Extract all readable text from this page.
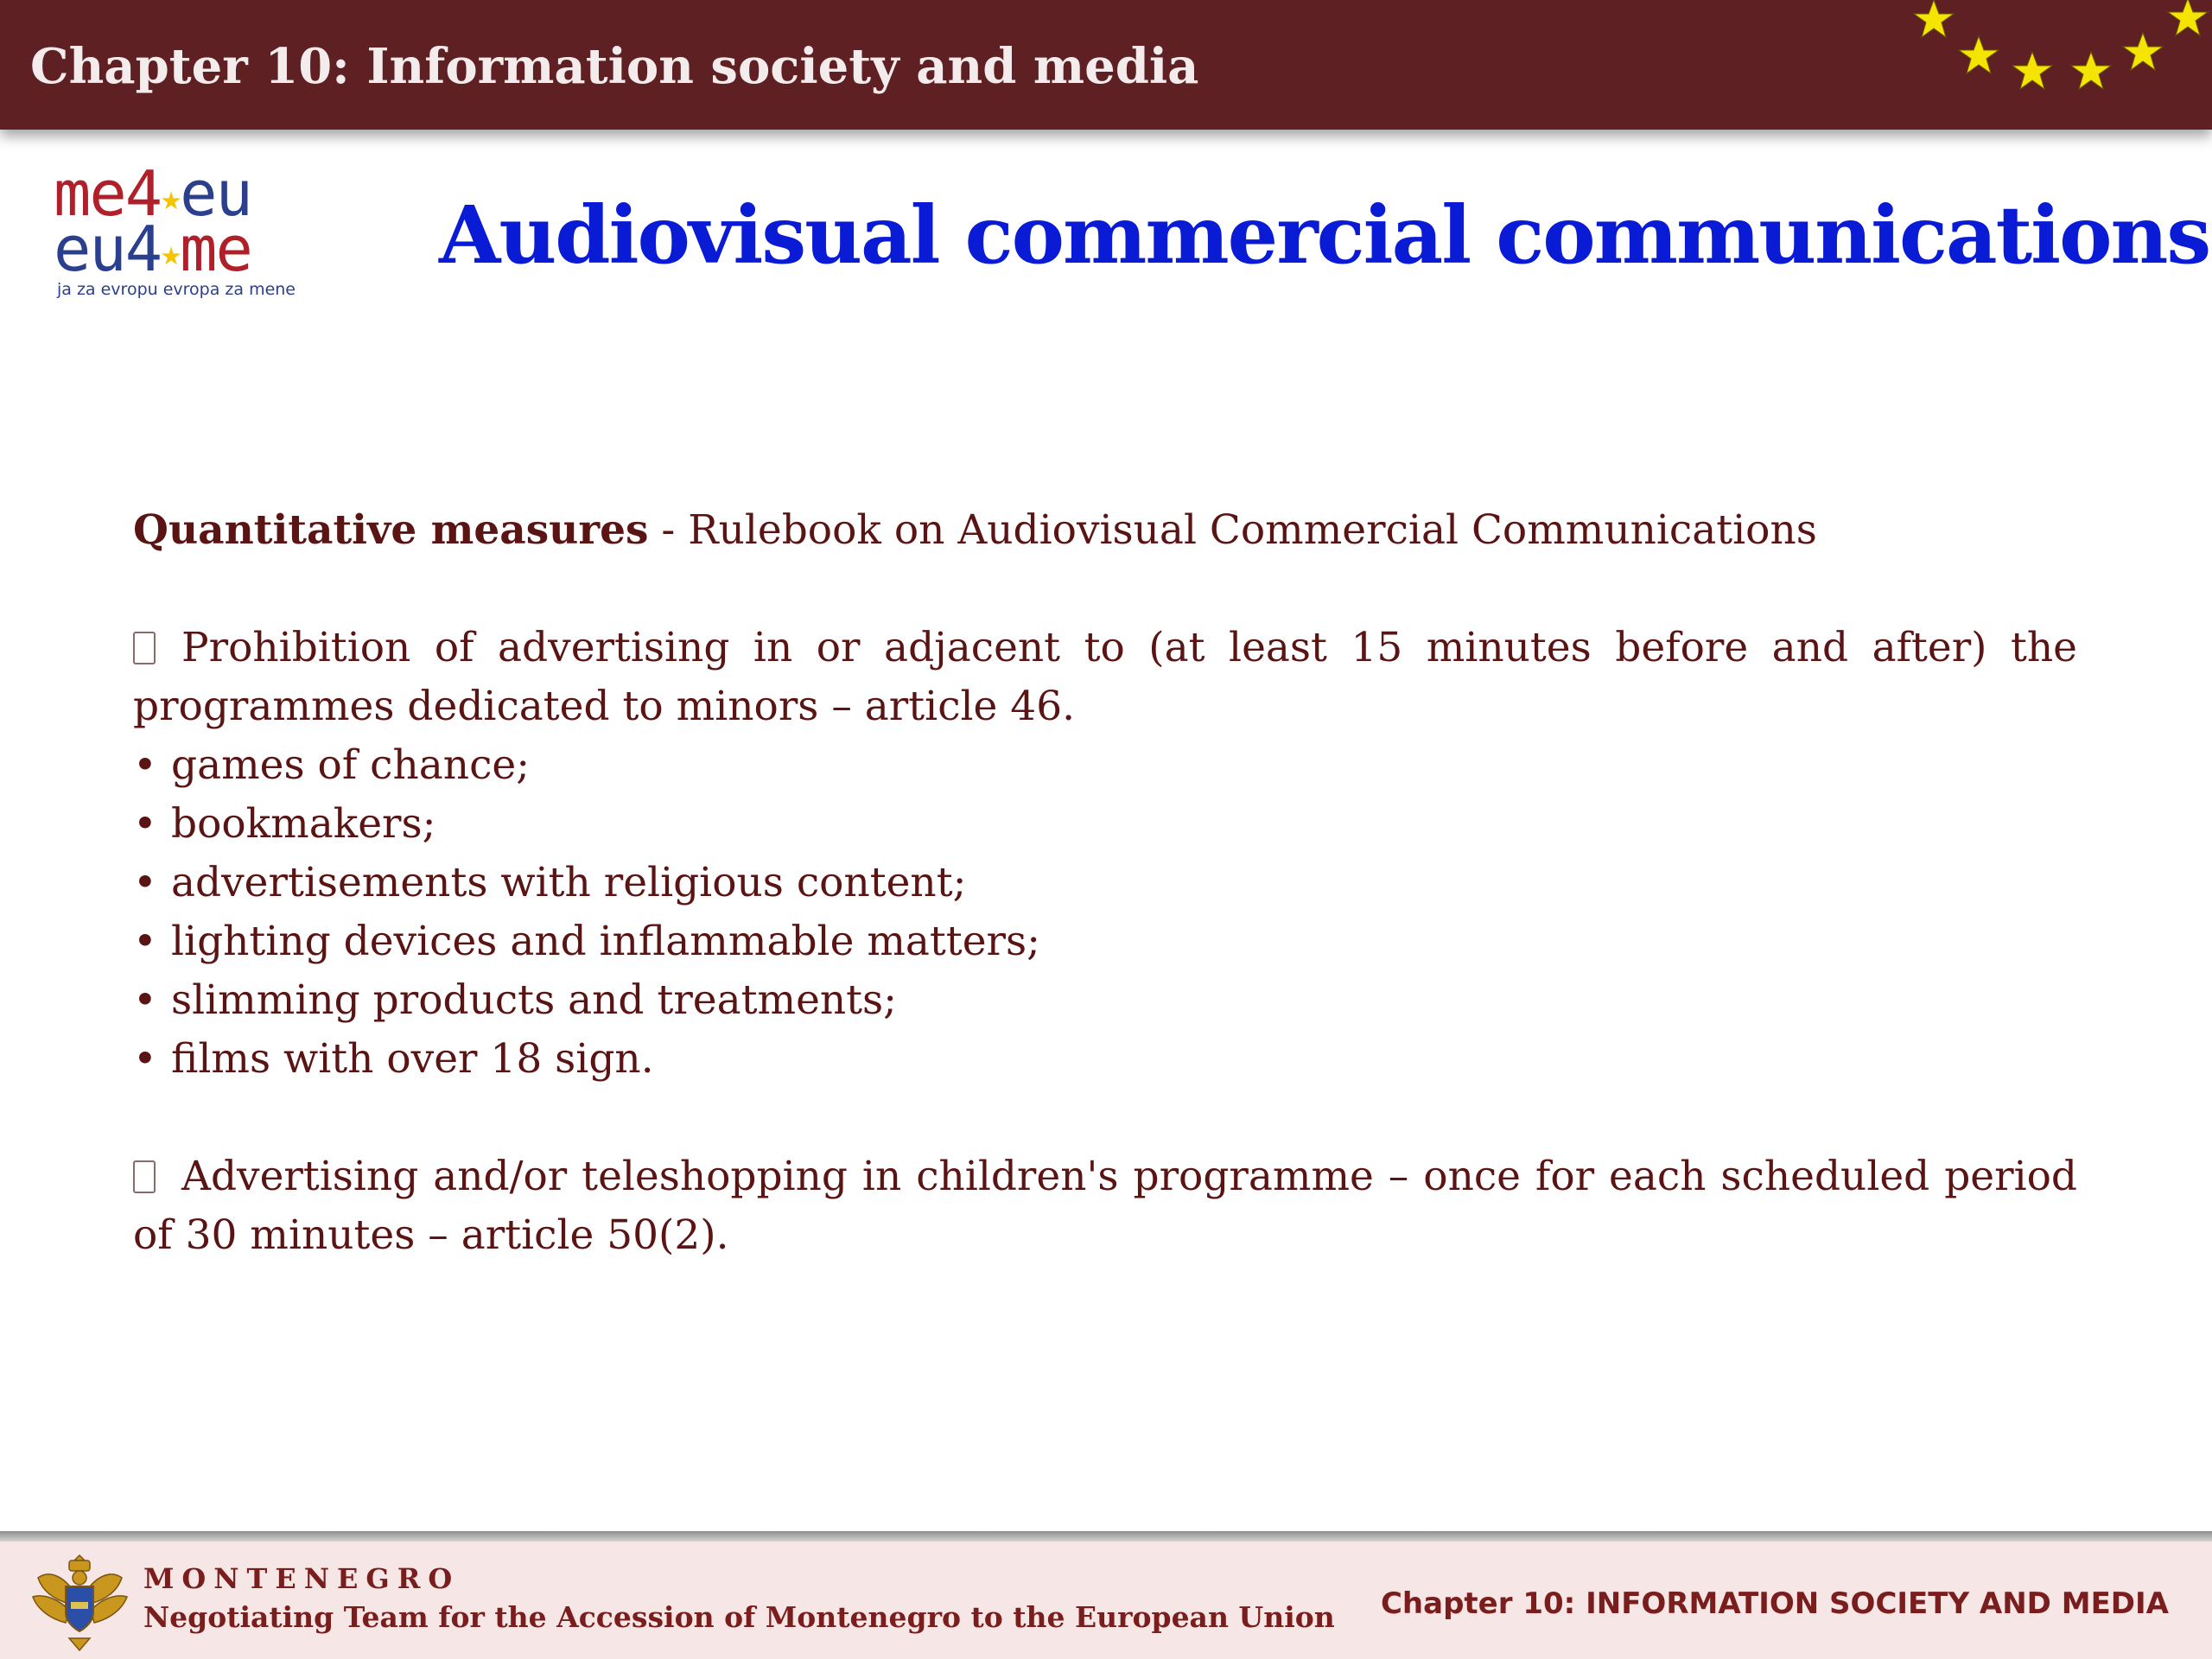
Chapter 10: Information society and media
me4★eu
eu4★me
ja za evropu evropa za mene
Audiovisual commercial communications
Quantitative measures - Rulebook on Audiovisual Commercial Communications
Prohibition of advertising in or adjacent to (at least 15 minutes before and after) the programmes dedicated to minors – article 46.
• games of chance;
• bookmakers;
• advertisements with religious content;
• lighting devices and inflammable matters;
• slimming products and treatments;
• films with over 18 sign.
Advertising and/or teleshopping in children's programme – once for each scheduled period of 30 minutes – article 50(2).
MONTENEGRO
Negotiating Team for the Accession of Montenegro to the European Union Chapter 10: INFORMATION SOCIETY AND MEDIA
